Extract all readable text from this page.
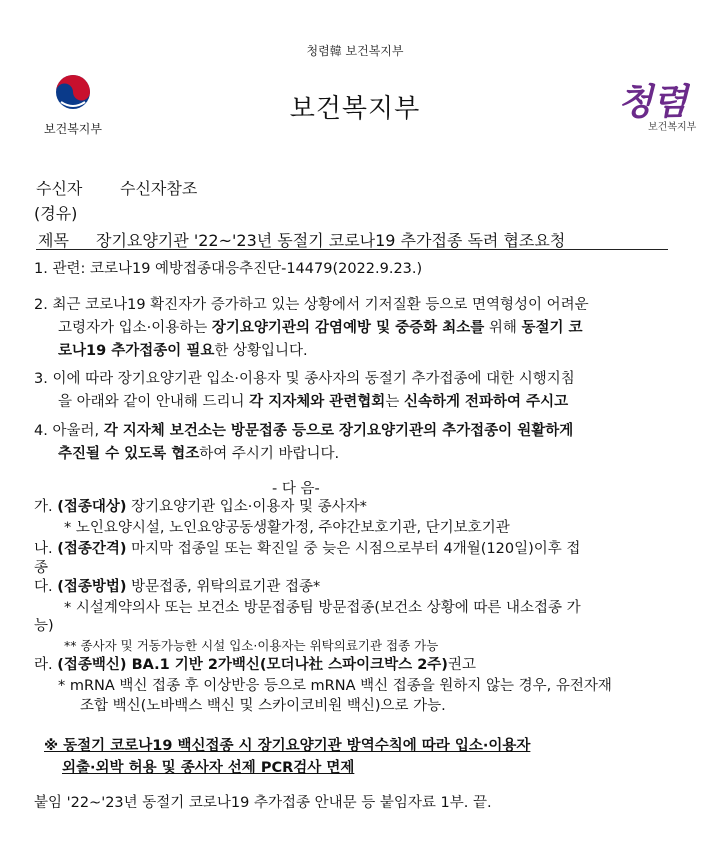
청렴韓 보건복지부
보건복지부
보건복지부	청렴
보건복지부
수신자 수신자참조
(경유)
제목 장기요양기관 '22~'23년 동절기 코로나19 추가접종 독려 협조요청
1. 관련: 코로나19 예방접종대응추진단-14479(2022.9.23.)
2. 최근 코로나19 확진자가 증가하고 있는 상황에서 기저질환 등으로 면역형성이 어려운
고령자가 입소·이용하는 장기요양기관의 감염예방 및 중증화 최소를 위해 동절기 코
로나19 추가접종이 필요한 상황입니다.
3. 이에 따라 장기요양기관 입소·이용자 및 종사자의 동절기 추가접종에 대한 시행지침
을 아래와 같이 안내해 드리니 각 지자체와 관련협회는 신속하게 전파하여 주시고
4. 아울러, 각 지자체 보건소는 방문접종 등으로 장기요양기관의 추가접종이 원활하게
추진될 수 있도록 협조하여 주시기 바랍니다.
- 다 음-
가. (접종대상) 장기요양기관 입소·이용자 및 종사자*
* 노인요양시설, 노인요양공동생활가정, 주야간보호기관, 단기보호기관
나. (접종간격) 마지막 접종일 또는 확진일 중 늦은 시점으로부터 4개월(120일)이후 접
종
다. (접종방법) 방문접종, 위탁의료기관 접종*
* 시설계약의사 또는 보건소 방문접종팀 방문접종(보건소 상황에 따른 내소접종 가
능)
** 종사자 및 거동가능한 시설 입소·이용자는 위탁의료기관 접종 가능
라. (접종백신) BA.1 기반 2가백신(모더나社 스파이크박스 2주)권고
* mRNA 백신 접종 후 이상반응 등으로 mRNA 백신 접종을 원하지 않는 경우, 유전자재
조합 백신(노바백스 백신 및 스카이코비원 백신)으로 가능.
※ 동절기 코로나19 백신접종 시 장기요양기관 방역수칙에 따라 입소·이용자
외출·외박 허용 및 종사자 선제 PCR검사 면제
붙임 '22~'23년 동절기 코로나19 추가접종 안내문 등 붙임자료 1부. 끝.
